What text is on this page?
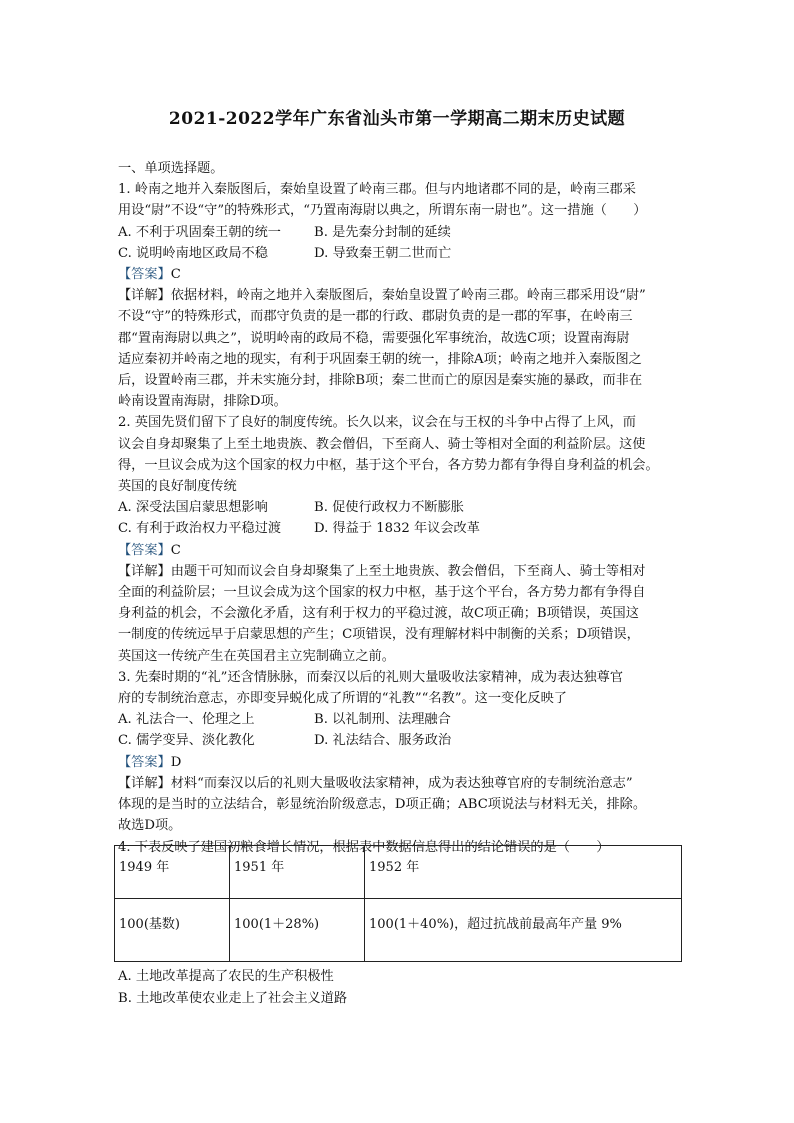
2021-2022学年广东省汕头市第一学期高二期末历史试题

一、单项选择题。

1. 岭南之地并入秦版图后，秦始皇设置了岭南三郡。但与内地诸郡不同的是，岭南三郡采

用设“尉”不设“守”的特殊形式，“乃置南海尉以典之，所谓东南一尉也”。这一措施（　　）

A. 不利于巩固秦王朝的统一	B. 是先秦分封制的延续
C. 说明岭南地区政局不稳	D. 导致秦王朝二世而亡

【答案】C

【详解】依据材料，岭南之地并入秦版图后，秦始皇设置了岭南三郡。岭南三郡采用设“尉”

不设“守”的特殊形式，而郡守负责的是一郡的行政、郡尉负责的是一郡的军事，在岭南三

郡“置南海尉以典之”，说明岭南的政局不稳，需要强化军事统治，故选C项；设置南海尉

适应秦初并岭南之地的现实，有利于巩固秦王朝的统一，排除A项；岭南之地并入秦版图之

后，设置岭南三郡，并未实施分封，排除B项；秦二世而亡的原因是秦实施的暴政，而非在

岭南设置南海尉，排除D项。

2. 英国先贤们留下了良好的制度传统。长久以来，议会在与王权的斗争中占得了上风，而

议会自身却聚集了上至土地贵族、教会僧侣，下至商人、骑士等相对全面的利益阶层。这使

得，一旦议会成为这个国家的权力中枢，基于这个平台，各方势力都有争得自身利益的机会。

英国的良好制度传统

A. 深受法国启蒙思想影响	B. 促使行政权力不断膨胀
C. 有利于政治权力平稳过渡	D. 得益于 1832 年议会改革

【答案】C

【详解】由题干可知而议会自身却聚集了上至土地贵族、教会僧侣，下至商人、骑士等相对

全面的利益阶层；一旦议会成为这个国家的权力中枢，基于这个平台，各方势力都有争得自

身利益的机会，不会激化矛盾，这有利于权力的平稳过渡，故C项正确；B项错误，英国这

一制度的传统远早于启蒙思想的产生；C项错误，没有理解材料中制衡的关系；D项错误，

英国这一传统产生在英国君主立宪制确立之前。

3. 先秦时期的“礼”还含情脉脉，而秦汉以后的礼则大量吸收法家精神，成为表达独尊官

府的专制统治意志，亦即变异蜕化成了所谓的“礼教”“名教”。这一变化反映了

A. 礼法合一、伦理之上	B. 以礼制刑、法理融合
C. 儒学变异、淡化教化	D. 礼法结合、服务政治

【答案】D

【详解】材料“而秦汉以后的礼则大量吸收法家精神，成为表达独尊官府的专制统治意志”

体现的是当时的立法结合，彰显统治阶级意志，D项正确；ABC项说法与材料无关，排除。

故选D项。

4. 下表反映了建国初粮食增长情况，根据表中数据信息得出的结论错误的是（　　）

1949 年	1951 年	1952 年
100(基数)	100(1＋28%)	100(1＋40%)，超过抗战前最高年产量 9%

A. 土地改革提高了农民的生产积极性

B. 土地改革使农业走上了社会主义道路
